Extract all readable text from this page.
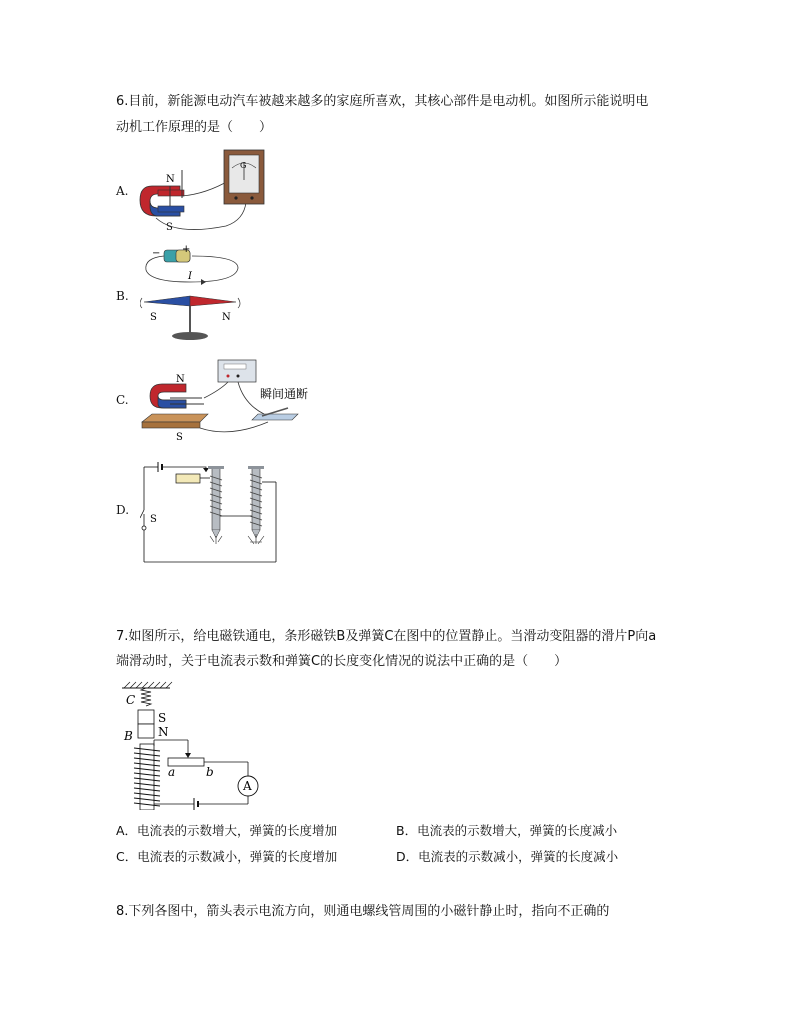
6.目前，新能源电动汽车被越来越多的家庭所喜欢，其核心部件是电动机。如图所示能说明电
动机工作原理的是（　　）
A.
B.
C.
D.
N
S
G
− +
I
S	N
N
S
瞬间通断
S
7.如图所示，给电磁铁通电，条形磁铁B及弹簧C在图中的位置静止。当滑动变阻器的滑片P向a
端滑动时，关于电流表示数和弹簧C的长度变化情况的说法中正确的是（　　）
C
S
N
B
a	b
A
A．电流表的示数增大，弹簧的长度增加	B．电流表的示数增大，弹簧的长度减小
C．电流表的示数减小，弹簧的长度增加	D．电流表的示数减小，弹簧的长度减小
8.下列各图中，箭头表示电流方向，则通电螺线管周围的小磁针静止时，指向不正确的
